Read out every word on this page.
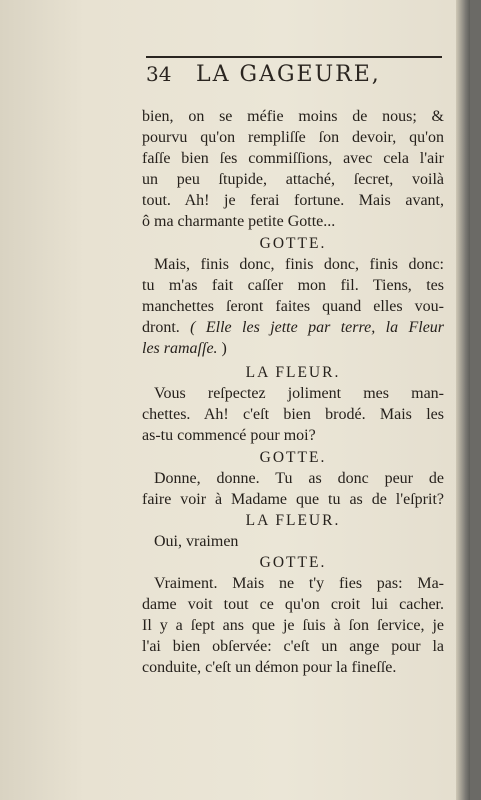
34 LA GAGEURE,
bien, on se méfie moins de nous; &
pourvu qu'on rempliſſe ſon devoir, qu'on
faſſe bien ſes commiſſions, avec cela l'air
un peu ſtupide, attaché, ſecret, voilà
tout. Ah! je ferai fortune. Mais avant,
ô ma charmante petite Gotte...
GOTTE.
Mais, finis donc, finis donc, finis donc:
tu m'as fait caſſer mon fil. Tiens, tes
manchettes ſeront faites quand elles vou-
dront. ( Elle les jette par terre, la Fleur
les ramaſſe. )
LA FLEUR.
Vous reſpectez joliment mes man-
chettes. Ah! c'eſt bien brodé. Mais les
as-tu commencé pour moi?
GOTTE.
Donne, donne. Tu as donc peur de
faire voir à Madame que tu as de l'eſprit?
LA FLEUR.
Oui, vraimen
GOTTE.
Vraiment. Mais ne t'y fies pas: Ma-
dame voit tout ce qu'on croit lui cacher.
Il y a ſept ans que je ſuis à ſon ſervice, je
l'ai bien obſervée: c'eſt un ange pour la
conduite, c'eſt un démon pour la fineſſe.
